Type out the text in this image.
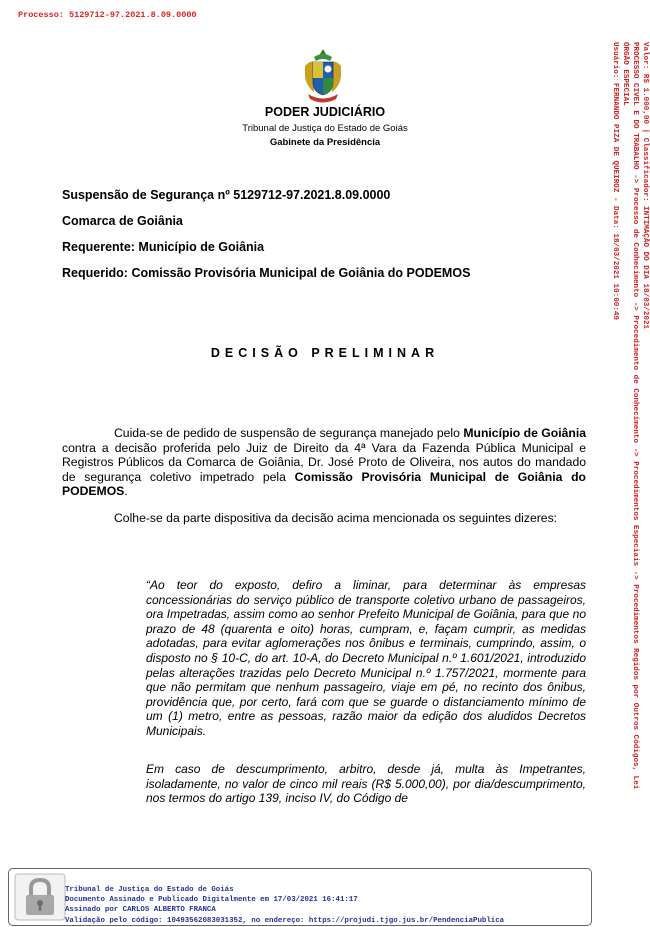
Processo: 5129712-97.2021.8.09.0000
Valor: R$ 1.000,00 | Classificador: INTIMAÇÃO DO DIA 18/03/2021
PROCESSO CIVEL E DO TRABALHO -> Processo de Conhecimento -> Procedimento de Conhecimento -> Procedimentos Especiais -> Procedimentos Regidos por Outros Códigos, Lei
ÓRGÃO ESPECIAL
Usuário: FERNANDO PIZA DE QUEIROZ - Data: 18/03/2021 10:00:49
PODER JUDICIÁRIO
Tribunal de Justiça do Estado de Goiás
Gabinete da Presidência
Suspensão de Segurança nº 5129712-97.2021.8.09.0000
Comarca de Goiânia
Requerente: Município de Goiânia
Requerido: Comissão Provisória Municipal de Goiânia do PODEMOS
DECISÃO PRELIMINAR

Cuida-se de pedido de suspensão de segurança manejado pelo Município de Goiânia contra a decisão proferida pelo Juiz de Direito da 4ª Vara da Fazenda Pública Municipal e Registros Públicos da Comarca de Goiânia, Dr. José Proto de Oliveira, nos autos do mandado de segurança coletivo impetrado pela Comissão Provisória Municipal de Goiânia do PODEMOS.

Colhe-se da parte dispositiva da decisão acima mencionada os seguintes dizeres:

“Ao teor do exposto, defiro a liminar, para determinar às empresas concessionárias do serviço público de transporte coletivo urbano de passageiros, ora Impetradas, assim como ao senhor Prefeito Municipal de Goiânia, para que no prazo de 48 (quarenta e oito) horas, cumpram, e, façam cumprir, as medidas adotadas, para evitar aglomerações nos ônibus e terminais, cumprindo, assim, o disposto no § 10-C, do art. 10-A, do Decreto Municipal n.º 1.601/2021, introduzido pelas alterações trazidas pelo Decreto Municipal n.º 1.757/2021, mormente para que não permitam que nenhum passageiro, viaje em pé, no recinto dos ônibus, providência que, por certo, fará com que se guarde o distanciamento mínimo de um (1) metro, entre as pessoas, razão maior da edição dos aludidos Decretos Municipais.

Em caso de descumprimento, arbitro, desde já, multa às Impetrantes, isoladamente, no valor de cinco mil reais (R$ 5.000,00), por dia/descumprimento, nos termos do artigo 139, inciso IV, do Código de

Tribunal de Justiça do Estado de Goiás
Documento Assinado e Publicado Digitalmente em 17/03/2021 16:41:17
Assinado por CARLOS ALBERTO FRANCA
Validação pelo código: 10493562083031352, no endereço: https://projudi.tjgo.jus.br/PendenciaPublica
